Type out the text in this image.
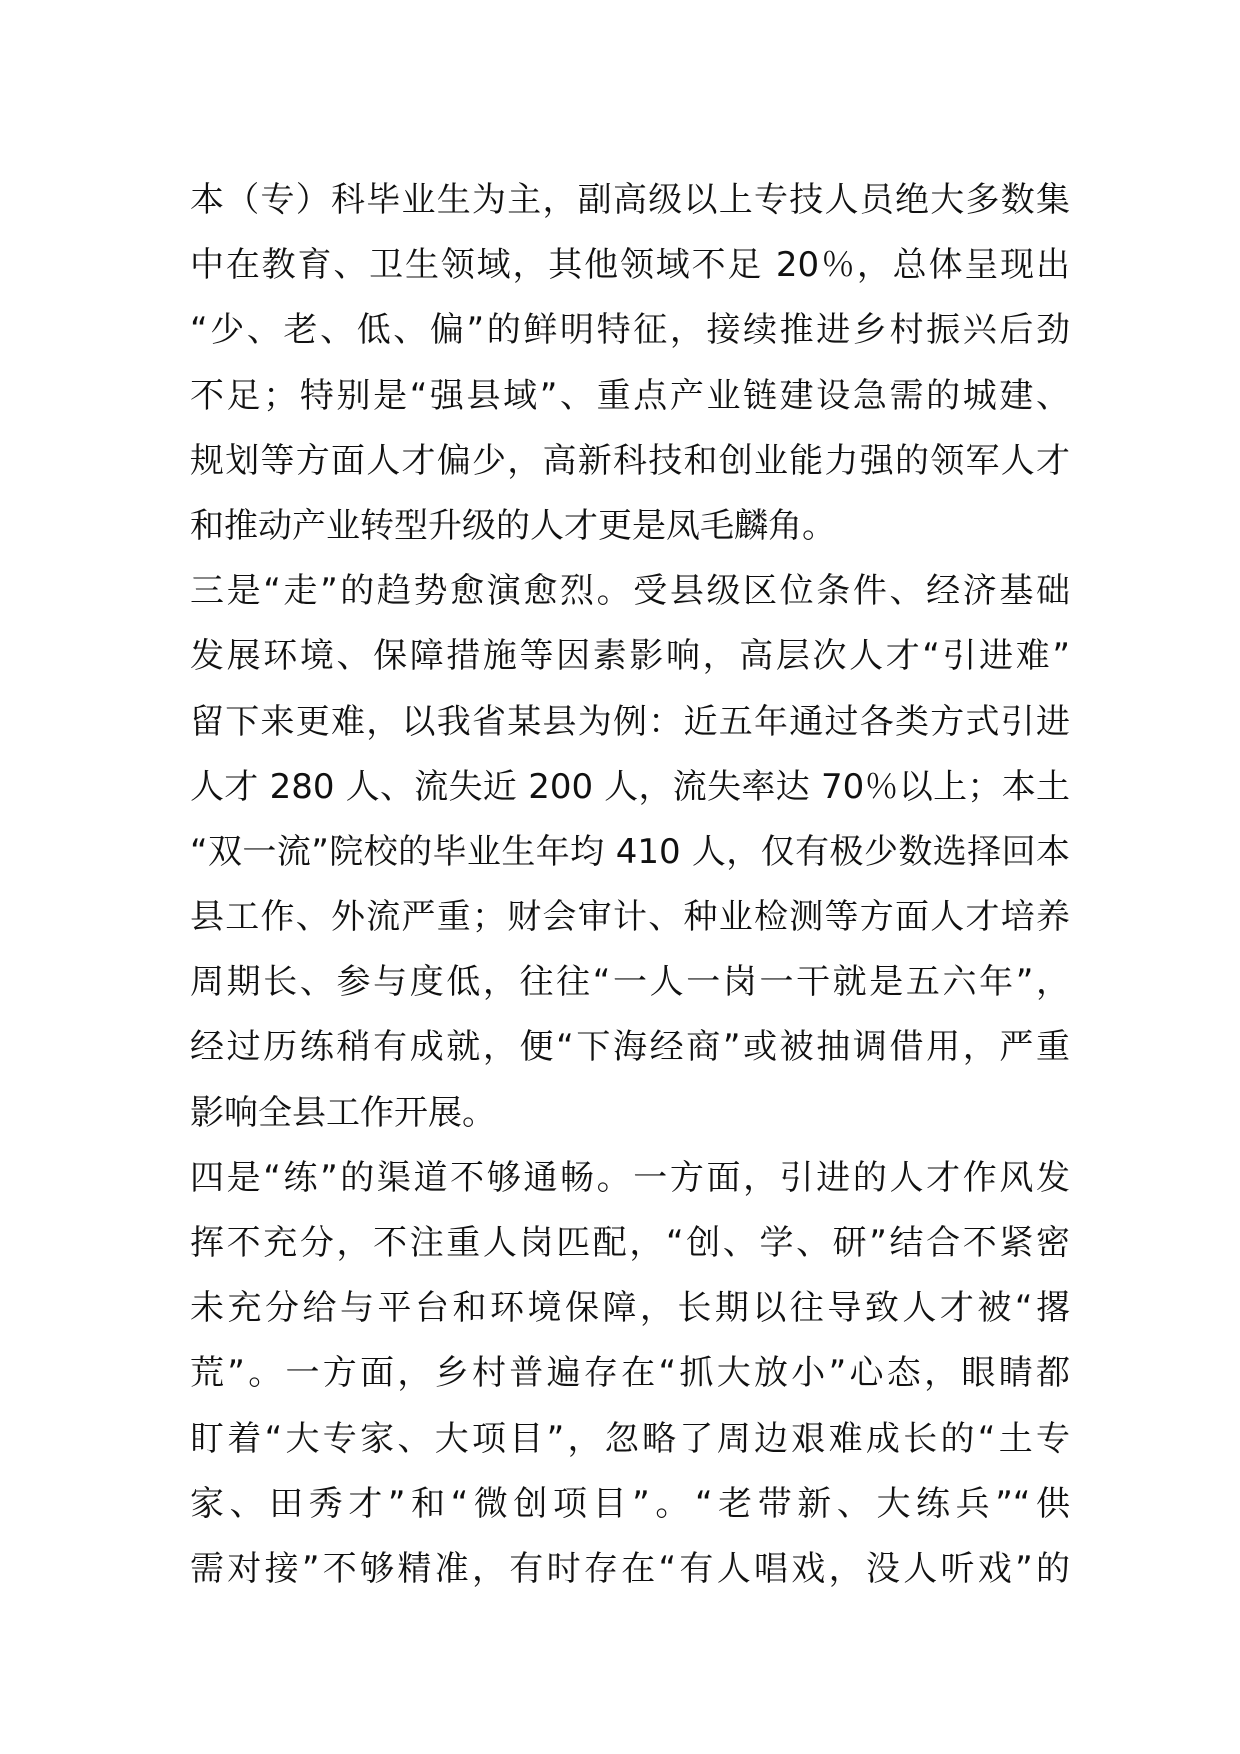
本（专）科毕业生为主，副高级以上专技人员绝大多数集
中在教育、卫生领域，其他领域不足 20％，总体呈现出
“少、老、低、偏”的鲜明特征，接续推进乡村振兴后劲
不足；特别是“强县域”、重点产业链建设急需的城建、
规划等方面人才偏少，高新科技和创业能力强的领军人才
和推动产业转型升级的人才更是凤毛麟角。
三是“走”的趋势愈演愈烈。受县级区位条件、经济基础
发展环境、保障措施等因素影响，高层次人才“引进难”
留下来更难，以我省某县为例：近五年通过各类方式引进
人才 280 人、流失近 200 人，流失率达 70％以上；本土
“双一流”院校的毕业生年均 410 人，仅有极少数选择回本
县工作、外流严重；财会审计、种业检测等方面人才培养
周期长、参与度低，往往“一人一岗一干就是五六年”，
经过历练稍有成就，便“下海经商”或被抽调借用，严重
影响全县工作开展。
四是“练”的渠道不够通畅。一方面，引进的人才作风发
挥不充分，不注重人岗匹配，“创、学、研”结合不紧密
未充分给与平台和环境保障，长期以往导致人才被“撂
荒”。一方面，乡村普遍存在“抓大放小”心态，眼睛都
盯着“大专家、大项目”，忽略了周边艰难成长的“土专
家、田秀才”和“微创项目”。“老带新、大练兵”“供
需对接”不够精准，有时存在“有人唱戏，没人听戏”的
